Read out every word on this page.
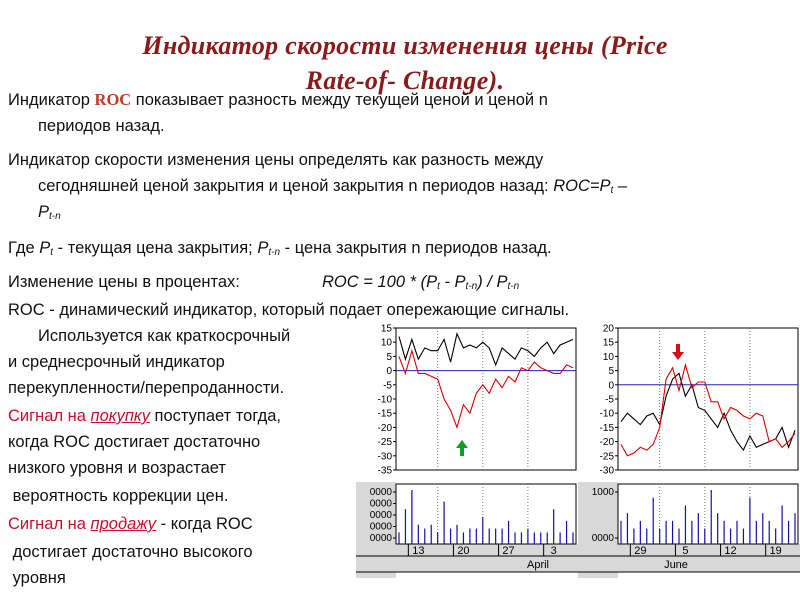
Индикатор скорости изменения цены (Price
Rate-of- Change).
Индикатор ROC показывает разность между текущей ценой и ценой n
периодов назад.
Индикатор скорости изменения цены определять как разность между
сегодняшней ценой закрытия и ценой закрытия n периодов назад: $ROC=P_t$ –
$P_{t-n}$
Где $P_t$ - текущая цена закрытия; $P_{t-n}$ - цена закрытия n периодов назад.
Изменение цены в процентах:	ROC = $100 * (P_t - P_{t-n}) / P_{t-n}$
ROC - динамический индикатор, который подает опережающие сигналы.
Используется как краткосрочный
и среднесрочный индикатор
перекупленности/перепроданности.
Сигнал на покупку поступает тогда,
когда ROC достигает достаточно
низкого уровня и возрастает
вероятность коррекции цен.
Сигнал на продажу - когда ROC
достигает достаточно высокого
уровня
15
10
5
0
-5
-10
-15
-20
-25
-30
-35
0000
0000
0000
0000
0000
13	20	27	3
April
20
15
10
5
0
-5
-10
-15
-20
-25
-30
1000
0000
29	5	12	19
June
